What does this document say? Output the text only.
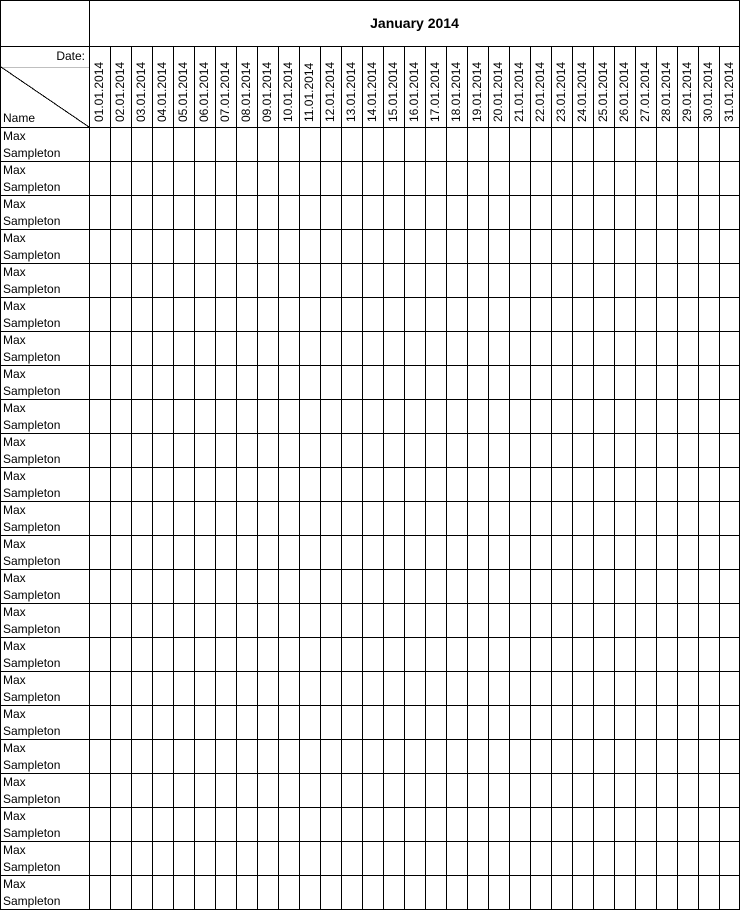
January 2014
Date:
Name	01.01.2014 02.01.2014 03.01.2014 04.01.2014 05.01.2014 06.01.2014 07.01.2014 08.01.2014 09.01.2014 10.01.2014 11.01.2014 12.01.2014 13.01.2014 14.01.2014 15.01.2014 16.01.2014 17.01.2014 18.01.2014 19.01.2014 20.01.2014 21.01.2014 22.01.2014 23.01.2014 24.01.2014 25.01.2014 26.01.2014 27.01.2014 28.01.2014 29.01.2014 30.01.2014 31.01.2014
Max
Sampleton
Max
Sampleton
Max
Sampleton
Max
Sampleton
Max
Sampleton
Max
Sampleton
Max
Sampleton
Max
Sampleton
Max
Sampleton
Max
Sampleton
Max
Sampleton
Max
Sampleton
Max
Sampleton
Max
Sampleton
Max
Sampleton
Max
Sampleton
Max
Sampleton
Max
Sampleton
Max
Sampleton
Max
Sampleton
Max
Sampleton
Max
Sampleton
Max
Sampleton
